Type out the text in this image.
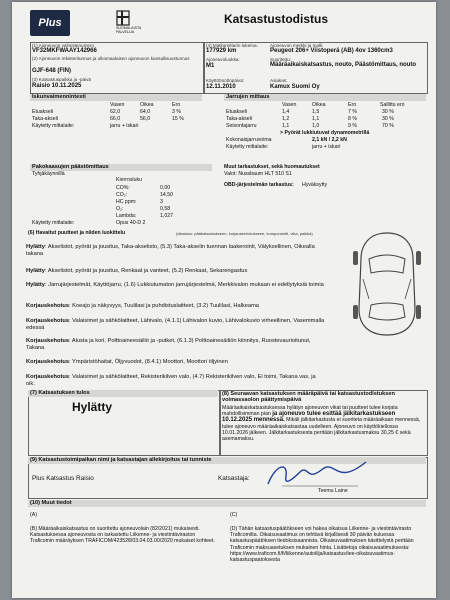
Plus	SUOMALAISTA PALVELUA
Katsastustodistus
(1) Ajoneuvon valmistenumero
VF32MKFWAAY142966
(2) Ajoneuvon rekisteritunnus ja ulkomaalaisen ajoneuvon kansallisuustunnus
GJF-648 (FIN)
(3) Katsastuspaikka ja -päivä
Raisio 10.11.2025
(4) Matkamittarin lukema:
177929 km
Ajoneuvon merkki ja malli:
Peugeot 206+ Viistoperä (AB) 4ov 1360cm3
Ajoneuvoluokka:
M1
Suoritettu:
Määräaikaiskatsastus, nouto, Päästömittaus, nouto
Käyttöönottopäivä:
12.11.2010
Asiakas:
Kamux Suomi Oy
Iskunvaimennintesti
Vasen	Oikea	Ero
Etuakseli	62,0	64,0	3 %
Taka-akseli	66,0	56,0	15 %
Käytetty mittalaite:	jarru + iskari
Jarrujen mittaus
Vasen	Oikea	Ero	Sallittu ero
Etuakseli	1,4	1,5	7 %	30 %
Taka-akseli	1,2	1,1	8 %	30 %
Seisontajarru	1,1	1,0	9 %	70 %
> Pyörät lukkiutuvat dynamometrillä
Kokonaisjarruvoima	2,1 kN / 2,2 kN
Käytetty mittalaite:	jarru + iskari
Pakokaasujen päästömittaus
Tyhjäkäynnillä
Kierrosluku
CO%:	0,00
CO₂:	14,50
HC ppm:	3
O₂:	0,58
Lambda:	1,027
Käytetty mittalaite:	Opus 40-D 2
Muut tarkastukset, sekä huomautukset
Valot: Nussbaum HLT 510 S1
OBD-järjestelmän tarkastus: Hyväksytty
(6) Havaitut puutteet ja niiden luokittelu	(vikataso: pääkatsastukseen, korjauskehotukseen, komponentti, vika, paikka)
Hylätty: Akselistot, pyörät ja jousitus, Taka-akselisto, (5.3) Taka-akselin tuennan laakerointi, Välyksellinen, Oikealla takana
Hylätty: Akselistot, pyörät ja jousitus, Renkaat ja vanteet, (5.2) Renkaat, Sekarengastus
Hylätty: Jarrujärjestelmät, Käyttöjarru, (1.6) Lukkiutumaton jarrujärjestelmä, Merkkivalon mukaan ei edellytyksiä toimia
Korjauskehotus: Koeajo ja näkyvyys, Tuulilasi ja puhdistuslaitteet, (3.2) Tuulilasi, Halkeama
Korjauskehotus: Valaisimet ja sähkölaitteet, Lähivalo, (4.1.1) Lähivalon kuvio, Lähivalokuvio virheellinen, Vasemmalla edessä
Korjauskehotus: Alusta ja kori, Polttoaineesäiliö ja -putket, (6.1.3) Polttoainesäiliön kiinnitys, Ruostevaurioitunut, Takana
Korjauskehotus: Ympäristöhaitat, Öljyvuodot, (8.4.1) Moottori, Moottori öljyinen
Korjauskehotus: Valaisimet ja sähkölaitteet, Rekisterikilven valo, (4.7) Rekisterikilven valo, Ei toimi, Takana vas. ja oik.
(7) Katsastuksen tulos
Hylätty
(8) Seuraavan katsastuksen määräpäivä tai katsastustodistuksen voimassaolon päättymispäivä
Määräaikaiskatsastuksessa hylätyn ajoneuvon vikat tai puutteet tulee korjata mahdollisimman pian ja ajoneuvo tulee esittää jälkitarkastukseen 10.12.2025 mennessä. Mikäli jälkitarkastusta ei suoriteta määräaikaan mennessä, tulee ajoneuvo määräaikaiskatsastaa uudelleen. Ajoneuvo on käyttökiellossa 10.01.2026 jälkeen. Jälkitarkastuksesta peritään jälkitarkastusmaksu 30,25 € sekä asemamaksu.
(9) Katsastustoimipaikan nimi ja katsastajan allekirjoitus tai tunniste
Plus Katsastus Raisio	Katsastaja:
Teemu Laine
(10) Muut tiedot
(A)	(C)
(B) Määräaikaiskatsastus on suoritettu ajoneuvolain (82/2021) mukaisesti. Katsastuksessa ajoneuvosta on tarkastettu Liikenne- ja viestintäviraston Traficomin määräyksen TRAFICOM/423528/03.04.03.00/2020 mukaiset kohteet.
(D) Tähän katsastuspäätökseen voi hakea oikaisua Liikenne- ja viestintävirasto Traficomilta. Oikaisuvaatimus on tehtävä kirjallisesti 30 päivän kuluessa katsastuspäätöksen tiedoksisaannista. Oikaisuvaatimuksen käsittelystä peritään Traficomin maksuasetuksen mukainen hinta. Lisätietoja oikaisuvaatimuksesta: https://www.traficom.fi/fi/liikenne/autoilija/katsastus/tee-oikaisuvaatimus-katsastuspaatoksesta
